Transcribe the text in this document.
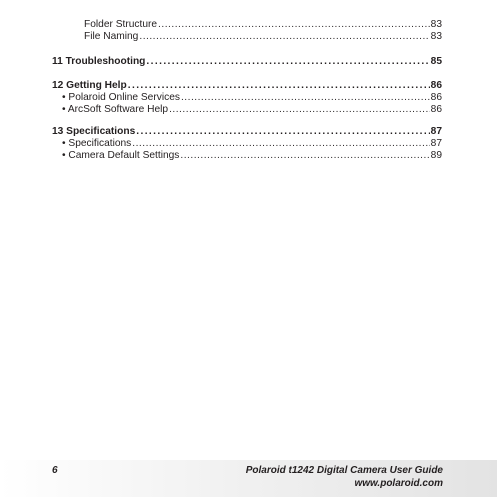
Folder Structure .....	83
File Naming .....	83
11 Troubleshooting .....	85
12 Getting Help .....	86
• Polaroid Online Services .....	86
• ArcSoft Software Help .....	86
13 Specifications .....	87
• Specifications .....	87
• Camera Default Settings .....	89
6	Polaroid t1242 Digital Camera User Guide
www.polaroid.com
